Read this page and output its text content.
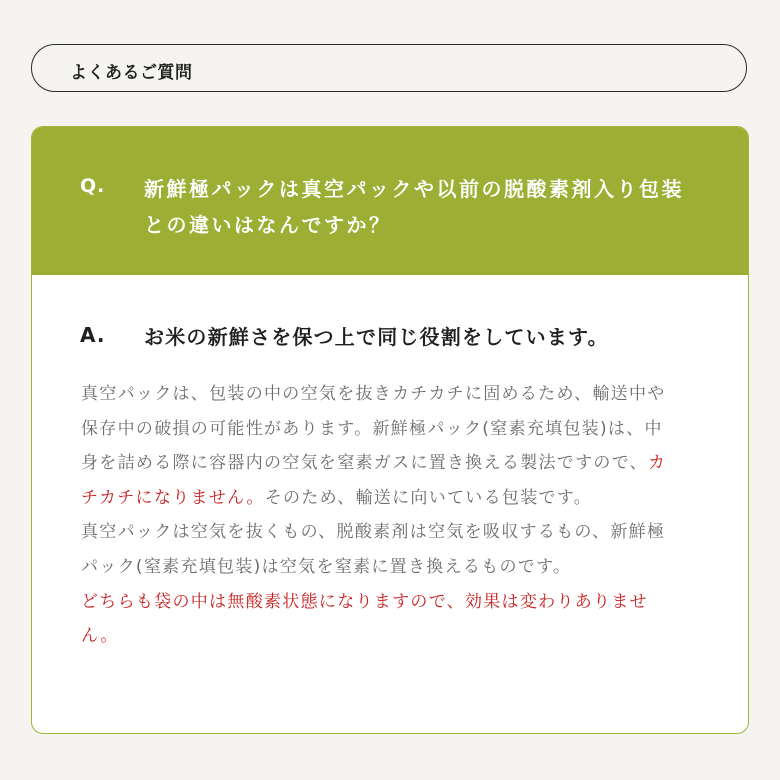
よくあるご質問
Q. 新鮮極パックは真空パックや以前の脱酸素剤入り包装との違いはなんですか？
A. お米の新鮮さを保つ上で同じ役割をしています。

真空パックは、包装の中の空気を抜きカチカチに固めるため、輸送中や保存中の破損の可能性があります。新鮮極パック(窒素充填包装)は、中身を詰める際に容器内の空気を窒素ガスに置き換える製法ですので、カチカチになりません。そのため、輸送に向いている包装です。

真空パックは空気を抜くもの、脱酸素剤は空気を吸収するもの、新鮮極パック(窒素充填包装)は空気を窒素に置き換えるものです。

どちらも袋の中は無酸素状態になりますので、効果は変わりありません。
